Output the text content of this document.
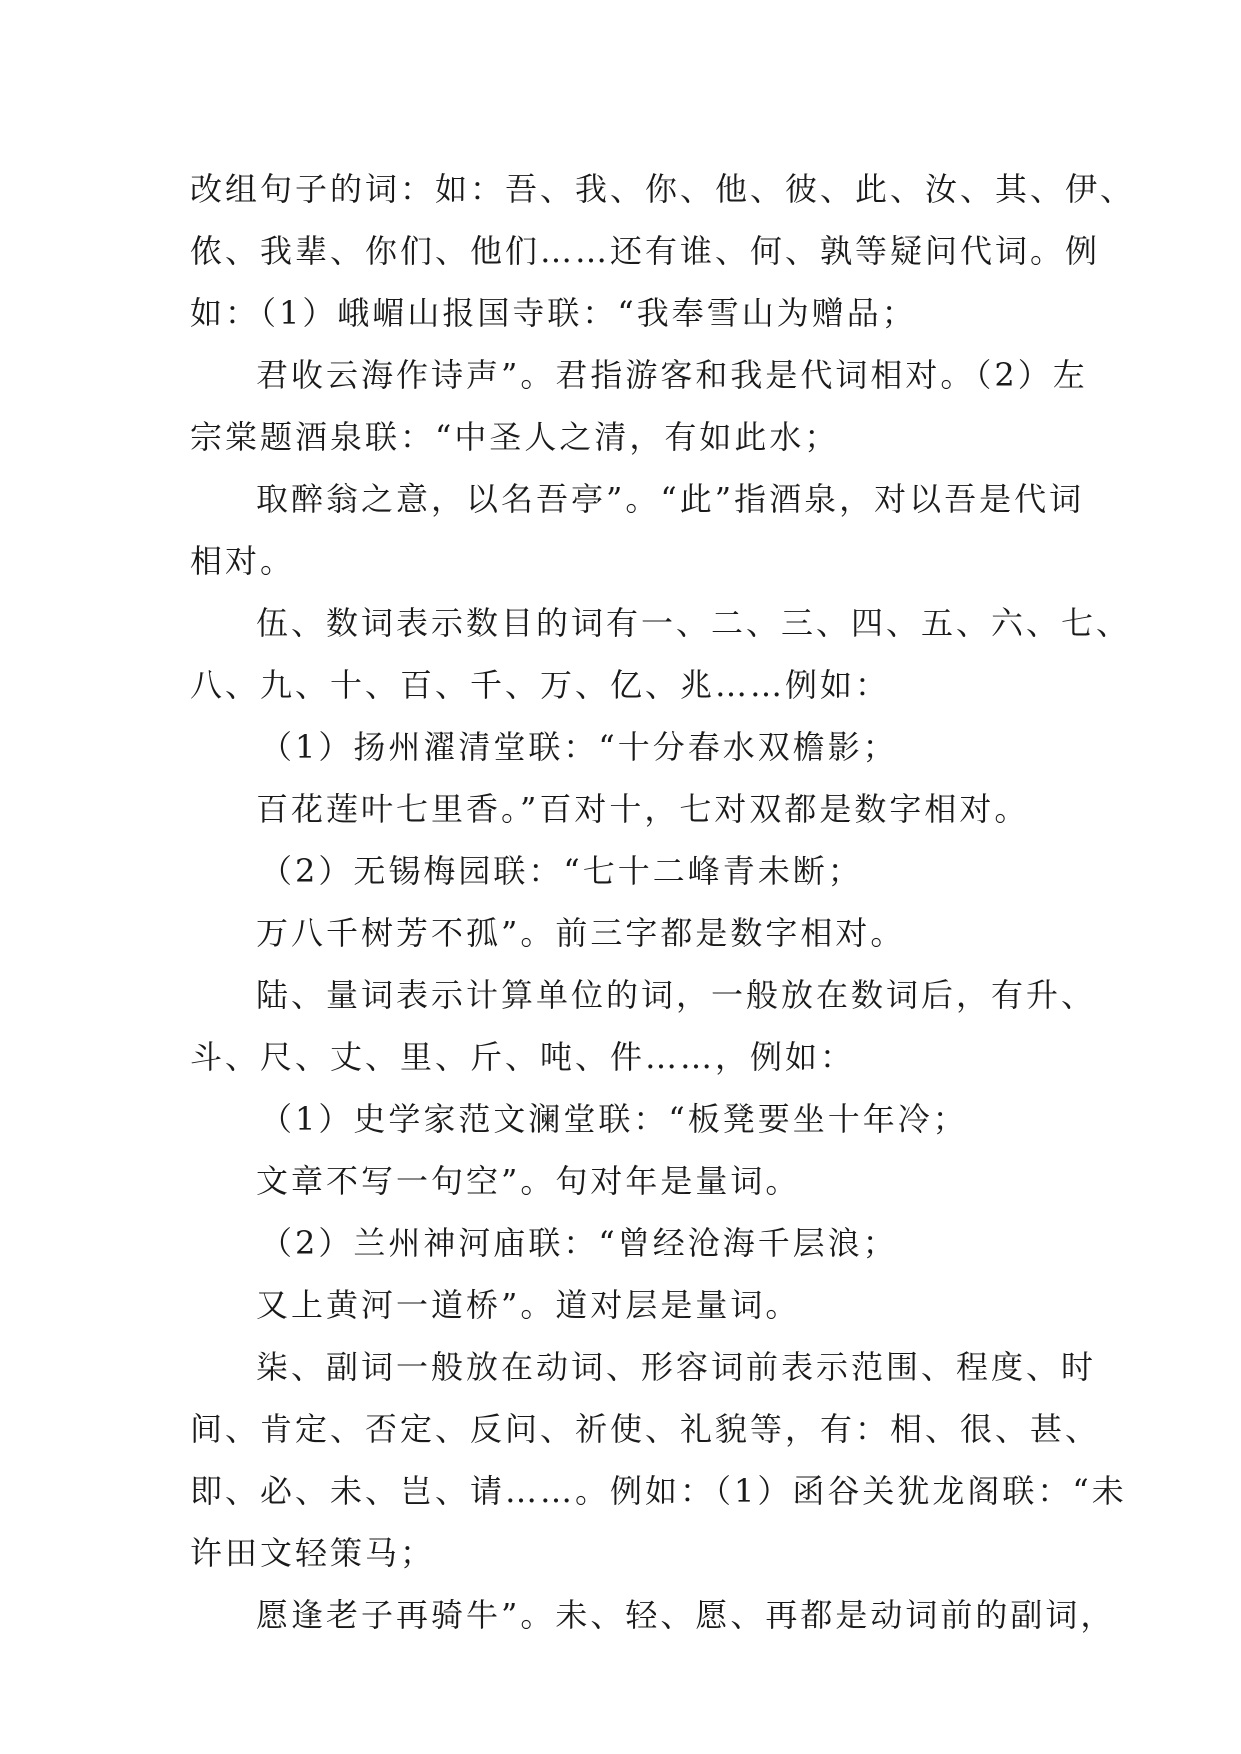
改组句子的词：如：吾、我、你、他、彼、此、汝、其、伊、
侬、我辈、你们、他们……还有谁、何、孰等疑问代词。例
如：（1）峨嵋山报国寺联：“我奉雪山为赠品；
君收云海作诗声”。君指游客和我是代词相对。（2）左
宗棠题酒泉联：“中圣人之清，有如此水；
取醉翁之意，以名吾亭”。“此”指酒泉，对以吾是代词
相对。
伍、数词表示数目的词有一、二、三、四、五、六、七、
八、九、十、百、千、万、亿、兆……例如：
（1）扬州濯清堂联：“十分春水双檐影；
百花莲叶七里香。”百对十，七对双都是数字相对。
（2）无锡梅园联：“七十二峰青未断；
万八千树芳不孤”。前三字都是数字相对。
陆、量词表示计算单位的词，一般放在数词后，有升、
斗、尺、丈、里、斤、吨、件……，例如：
（1）史学家范文澜堂联：“板凳要坐十年冷；
文章不写一句空”。句对年是量词。
（2）兰州神河庙联：“曾经沧海千层浪；
又上黄河一道桥”。道对层是量词。
柒、副词一般放在动词、形容词前表示范围、程度、时
间、肯定、否定、反问、祈使、礼貌等，有：相、很、甚、
即、必、未、岂、请……。例如：（1）函谷关犹龙阁联：“未
许田文轻策马；
愿逢老子再骑牛”。未、轻、愿、再都是动词前的副词，
